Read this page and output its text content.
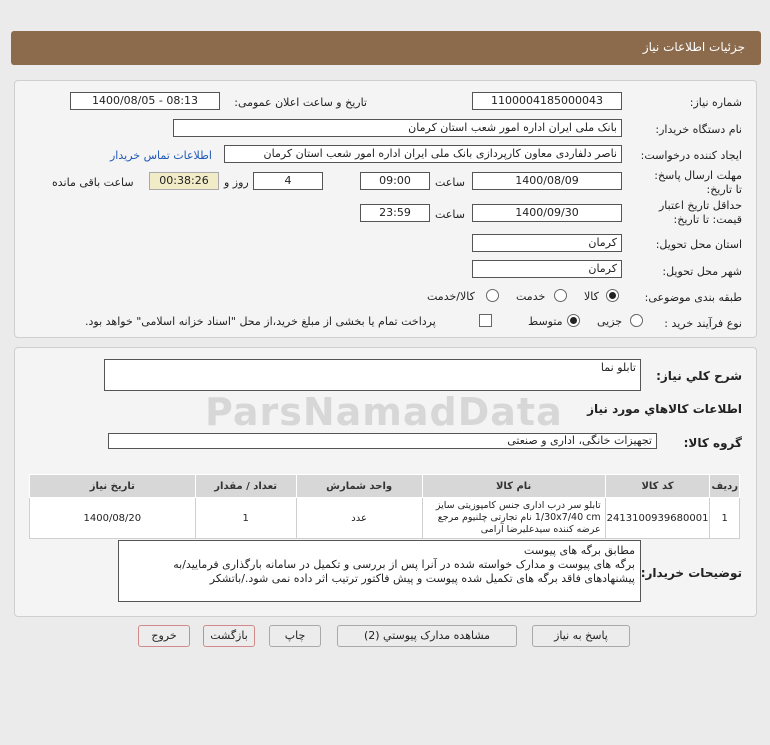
جزئیات اطلاعات نیاز
شماره نیاز:
1100004185000043
تاریخ و ساعت اعلان عمومی:
1400/08/05 - 08:13
نام دستگاه خریدار:
بانک ملی ایران اداره امور شعب استان کرمان
ایجاد کننده درخواست:
ناصر دلفاردی معاون کارپردازی بانک ملی ایران اداره امور شعب استان کرمان
اطلاعات تماس خریدار
مهلت ارسال پاسخ: تا تاریخ:
1400/08/09
ساعت
09:00
4
روز و
00:38:26
ساعت باقی مانده
حداقل تاریخ اعتبار قیمت: تا تاریخ:
1400/09/30
ساعت
23:59
استان محل تحویل:
کرمان
شهر محل تحویل:
کرمان
طبقه بندی موضوعی:
کالا
خدمت
کالا/خدمت
نوع فرآیند خرید :
جزیی
متوسط
پرداخت تمام یا بخشی از مبلغ خرید،از محل "اسناد خزانه اسلامی" خواهد بود.
شرح کلي نياز:
تابلو نما
اطلاعات کالاهاي مورد نياز
گروه کالا:
تجهیزات خانگی، اداری و صنعتی
ParsNamadData
ردیف	کد کالا	نام کالا	واحد شمارش	تعداد / مقدار	تاریخ نیاز
1	2413100939680001	تابلو سر درب اداری جنس کامپوزیتی سایز 1/30x7/40 cm نام تجارتی چلنیوم مرجع عرضه کننده سیدعلیرضا آرامی	عدد	1	1400/08/20
توضیحات خریدار:
مطابق برگه های پیوست
برگه های پیوست و مدارک خواسته شده در آنرا پس از بررسی و تکمیل در سامانه بارگذاری فرمایید/به
پیشنهادهای فاقد برگه های تکمیل شده پیوست و پیش فاکتور ترتیب اثر داده نمی شود./باتشکر
پاسخ به نیاز
مشاهده مدارک پیوستي (2)
چاپ
بازگشت
خروج
